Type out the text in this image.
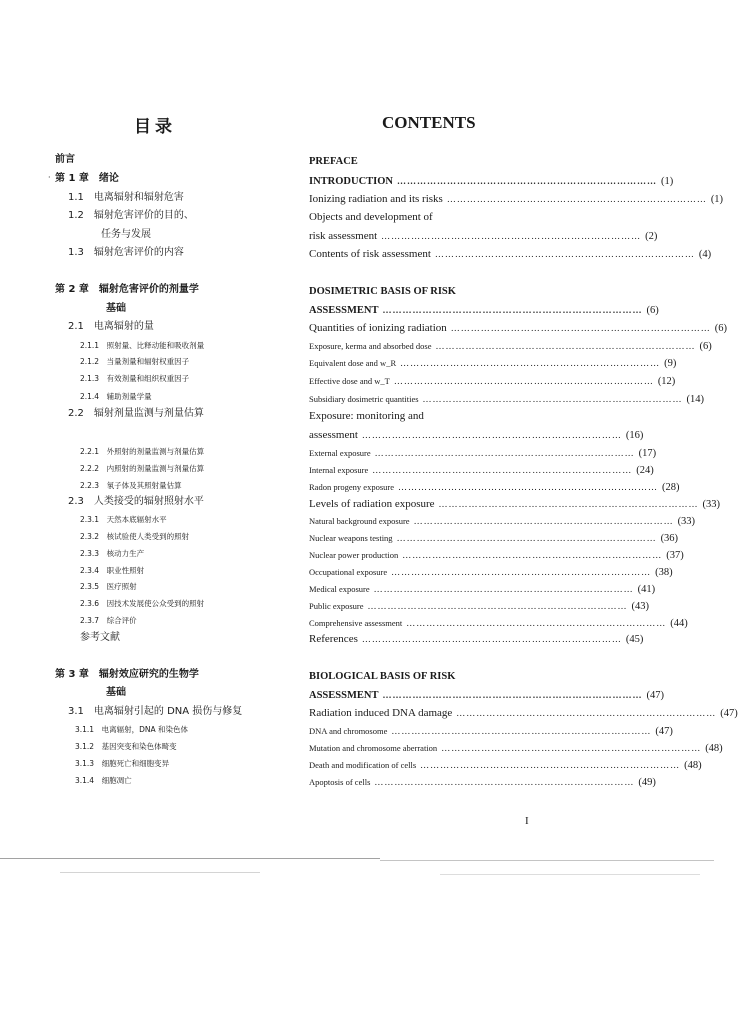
目录	CONTENTS
·
前言
第 1 章　绪论
1.1　电离辐射和辐射危害
1.2　辐射危害评价的目的、
任务与发展
1.3　辐射危害评价的内容
第 2 章　辐射危害评价的剂量学
基础
2.1　电离辐射的量
2.1.1　照射量、比释动能和吸收剂量
2.1.2　当量剂量和辐射权重因子
2.1.3　有效剂量和组织权重因子
2.1.4　辅助剂量学量
2.2　辐射剂量监测与剂量估算
2.2.1　外照射的剂量监测与剂量估算
2.2.2　内照射的剂量监测与剂量估算
2.2.3　氡子体及其照射量估算
2.3　人类接受的辐射照射水平
2.3.1　天然本底辐射水平
2.3.2　核试验使人类受到的照射
2.3.3　核动力生产
2.3.4　职业性照射
2.3.5　医疗照射
2.3.6　因技术发展使公众受到的照射
2.3.7　综合评价
参考文献
第 3 章　辐射效应研究的生物学
基础
3.1　电离辐射引起的 DNA 损伤与修复
3.1.1　电离辐射，DNA 和染色体
3.1.2　基因突变和染色体畸变
3.1.3　细胞死亡和细胞变异
3.1.4　细胞凋亡
PREFACE
INTRODUCTION …………………………………………………………………… (1)
Ionizing radiation and its risks …………………………………………………………………… (1)
Objects and development of
risk assessment …………………………………………………………………… (2)
Contents of risk assessment …………………………………………………………………… (4)
DOSIMETRIC BASIS OF RISK
ASSESSMENT …………………………………………………………………… (6)
Quantities of ionizing radiation …………………………………………………………………… (6)
Exposure, kerma and absorbed dose …………………………………………………………………… (6)
Equivalent dose and w_R …………………………………………………………………… (9)
Effective dose and w_T …………………………………………………………………… (12)
Subsidiary dosimetric quantities …………………………………………………………………… (14)
Exposure: monitoring and
assessment …………………………………………………………………… (16)
External exposure …………………………………………………………………… (17)
Internal exposure …………………………………………………………………… (24)
Radon progeny exposure …………………………………………………………………… (28)
Levels of radiation exposure …………………………………………………………………… (33)
Natural background exposure …………………………………………………………………… (33)
Nuclear weapons testing …………………………………………………………………… (36)
Nuclear power production …………………………………………………………………… (37)
Occupational exposure …………………………………………………………………… (38)
Medical exposure …………………………………………………………………… (41)
Public exposure …………………………………………………………………… (43)
Comprehensive assessment …………………………………………………………………… (44)
References …………………………………………………………………… (45)
BIOLOGICAL BASIS OF RISK
ASSESSMENT …………………………………………………………………… (47)
Radiation induced DNA damage …………………………………………………………………… (47)
DNA and chromosome …………………………………………………………………… (47)
Mutation and chromosome aberration …………………………………………………………………… (48)
Death and modification of cells …………………………………………………………………… (48)
Apoptosis of cells …………………………………………………………………… (49)
I
